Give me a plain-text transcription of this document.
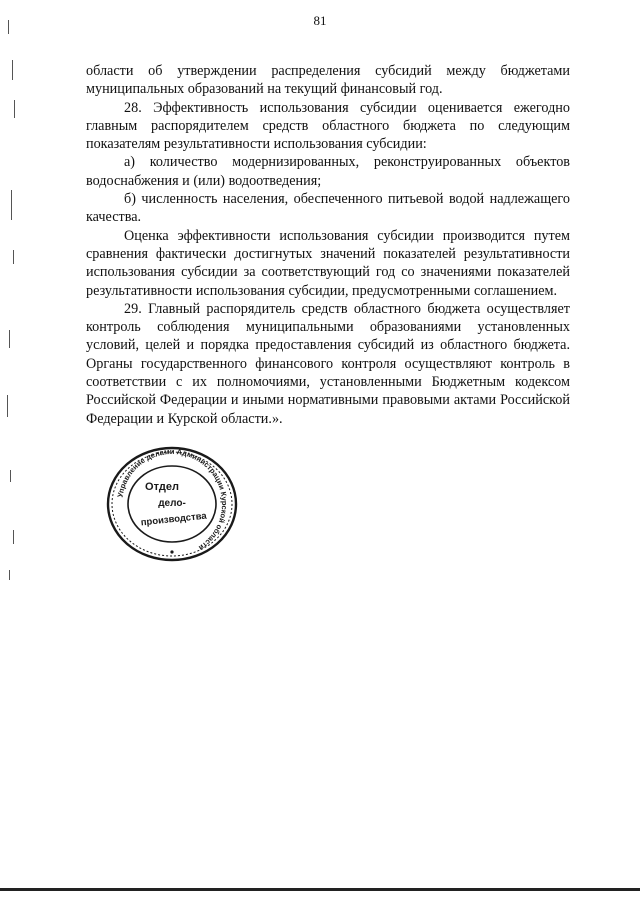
81

области об утверждении распределения субсидий между бюджетами муниципальных образований на текущий финансовый год.

28. Эффективность использования субсидии оценивается ежегодно главным распорядителем средств областного бюджета по следующим показателям результативности использования субсидии:

а) количество модернизированных, реконструированных объектов водоснабжения и (или) водоотведения;

б) численность населения, обеспеченного питьевой водой надлежащего качества.

Оценка эффективности использования субсидии производится путем сравнения фактически достигнутых значений показателей результативности использования субсидии за соответствующий год со значениями показателей результативности использования субсидии, предусмотренными соглашением.

29. Главный распорядитель средств областного бюджета осуществляет контроль соблюдения муниципальными образованиями установленных условий, целей и порядка предоставления субсидий из областного бюджета. Органы государственного финансового контроля осуществляют контроль в соответствии с их полномочиями, установленными Бюджетным кодексом Российской Федерации и иными нормативными правовыми актами Российской Федерации и Курской области.».

Управление делами Администрации Курской области
Отдел
дело-
производства
